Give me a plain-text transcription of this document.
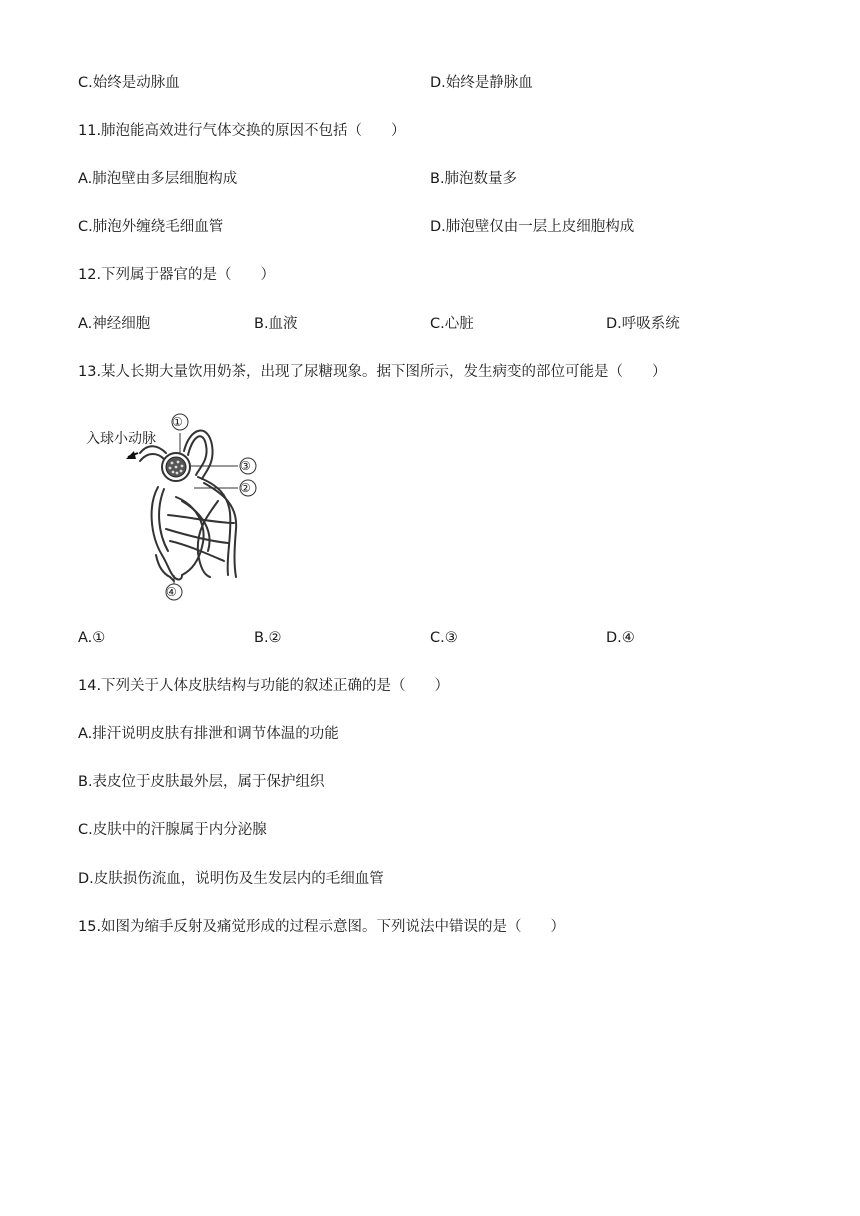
C.始终是动脉血	D.始终是静脉血
11.肺泡能高效进行气体交换的原因不包括（　　）
A.肺泡壁由多层细胞构成	B.肺泡数量多
C.肺泡外缠绕毛细血管	D.肺泡壁仅由一层上皮细胞构成
12.下列属于器官的是（　　）
A.神经细胞	B.血液	C.心脏	D.呼吸系统
13.某人长期大量饮用奶茶，出现了尿糖现象。据下图所示，发生病变的部位可能是（　　）
入球小动脉
①
③
②
④
A.①	B.②	C.③	D.④
14.下列关于人体皮肤结构与功能的叙述正确的是（　　）
A.排汗说明皮肤有排泄和调节体温的功能
B.表皮位于皮肤最外层，属于保护组织
C.皮肤中的汗腺属于内分泌腺
D.皮肤损伤流血，说明伤及生发层内的毛细血管
15.如图为缩手反射及痛觉形成的过程示意图。下列说法中错误的是（　　）
